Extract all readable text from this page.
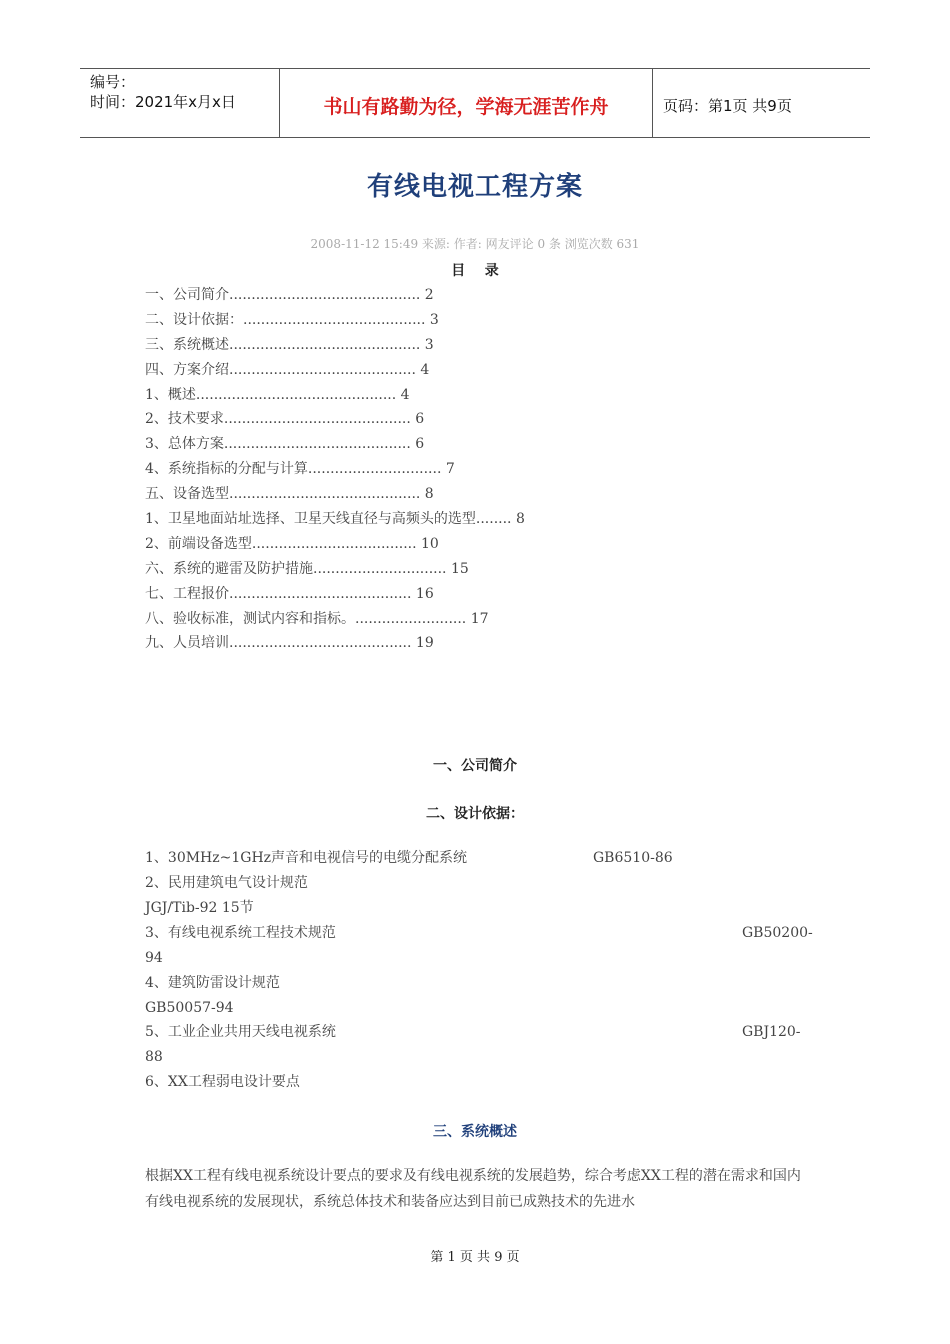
编号：
时间：2021年x月x日	书山有路勤为径，学海无涯苦作舟	页码：第1页 共9页
有线电视工程方案
2008-11-12 15:49 来源: 作者: 网友评论 0 条 浏览次数 631
目    录
一、公司简介........................................... 2
二、设计依据：......................................... 3
三、系统概述........................................... 3
四、方案介绍.......................................... 4
1、概述............................................. 4
2、技术要求.......................................... 6
3、总体方案.......................................... 6
4、系统指标的分配与计算.............................. 7
五、设备选型........................................... 8
1、卫星地面站址选择、卫星天线直径与高频头的选型........ 8
2、前端设备选型..................................... 10
六、系统的避雷及防护措施.............................. 15
七、工程报价......................................... 16
八、验收标准，测试内容和指标。......................... 17
九、人员培训......................................... 19
一、公司简介
二、设计依据：
1、30MHz~1GHz声音和电视信号的电缆分配系统	GB6510-86
2、民用建筑电气设计规范
JGJ/Tib-92 15节
3、有线电视系统工程技术规范	GB50200-
94
4、建筑防雷设计规范
GB50057-94
5、工业企业共用天线电视系统	GBJ120-
88
6、XX工程弱电设计要点
三、系统概述
根据XX工程有线电视系统设计要点的要求及有线电视系统的发展趋势，综合考虑XX工程的潜在需求和国内有线电视系统的发展现状，系统总体技术和装备应达到目前已成熟技术的先进水
第 1 页 共 9 页
